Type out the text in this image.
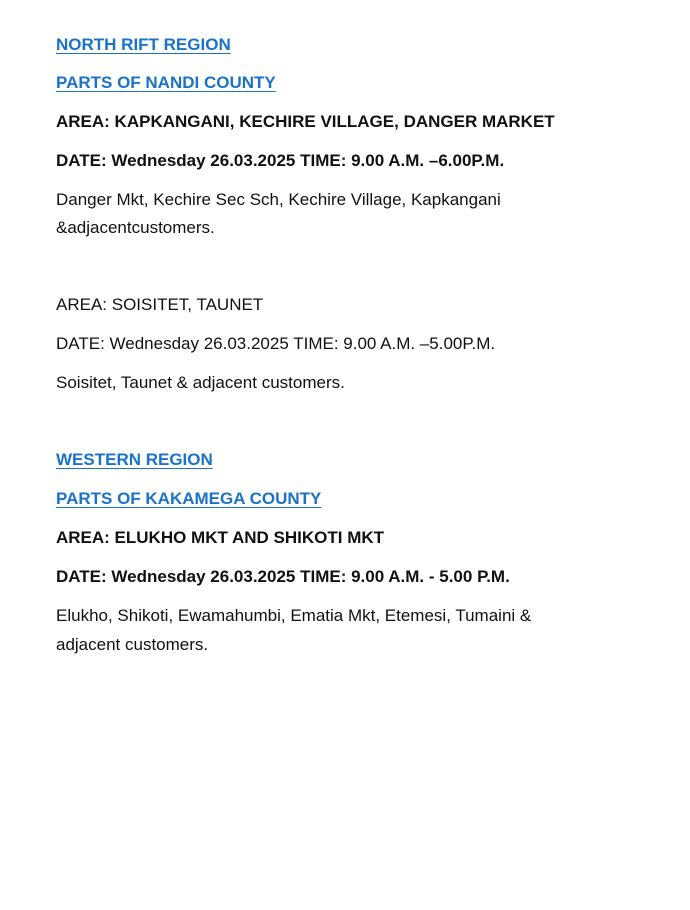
NORTH RIFT REGION

PARTS OF NANDI COUNTY

AREA: KAPKANGANI, KECHIRE VILLAGE, DANGER MARKET

DATE: Wednesday 26.03.2025 TIME: 9.00 A.M. –6.00P.M.

Danger Mkt, Kechire Sec Sch, Kechire Village, Kapkangani

&adjacentcustomers.

AREA: SOISITET, TAUNET

DATE: Wednesday 26.03.2025 TIME: 9.00 A.M. –5.00P.M.

Soisitet, Taunet & adjacent customers.

WESTERN REGION

PARTS OF KAKAMEGA COUNTY

AREA: ELUKHO MKT AND SHIKOTI MKT

DATE: Wednesday 26.03.2025 TIME: 9.00 A.M. - 5.00 P.M.

Elukho, Shikoti, Ewamahumbi, Ematia Mkt, Etemesi, Tumaini &

adjacent customers.
